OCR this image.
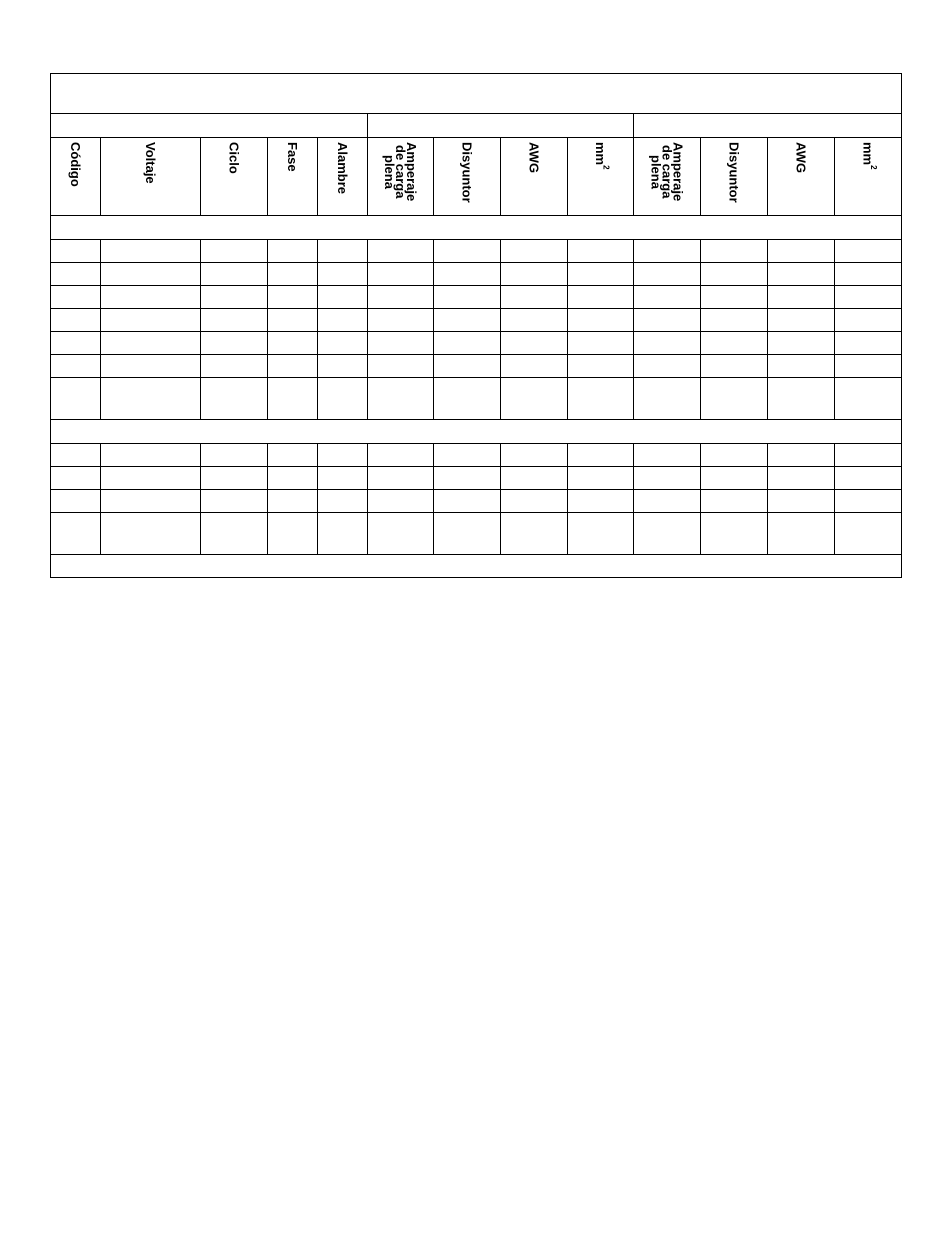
Código	Voltaje	Ciclo	Fase	Alambre	Amperaje
de carga
plena	Disyuntor	AWG	$mm^2$	Amperaje
de carga
plena	Disyuntor	AWG	$mm^2$
